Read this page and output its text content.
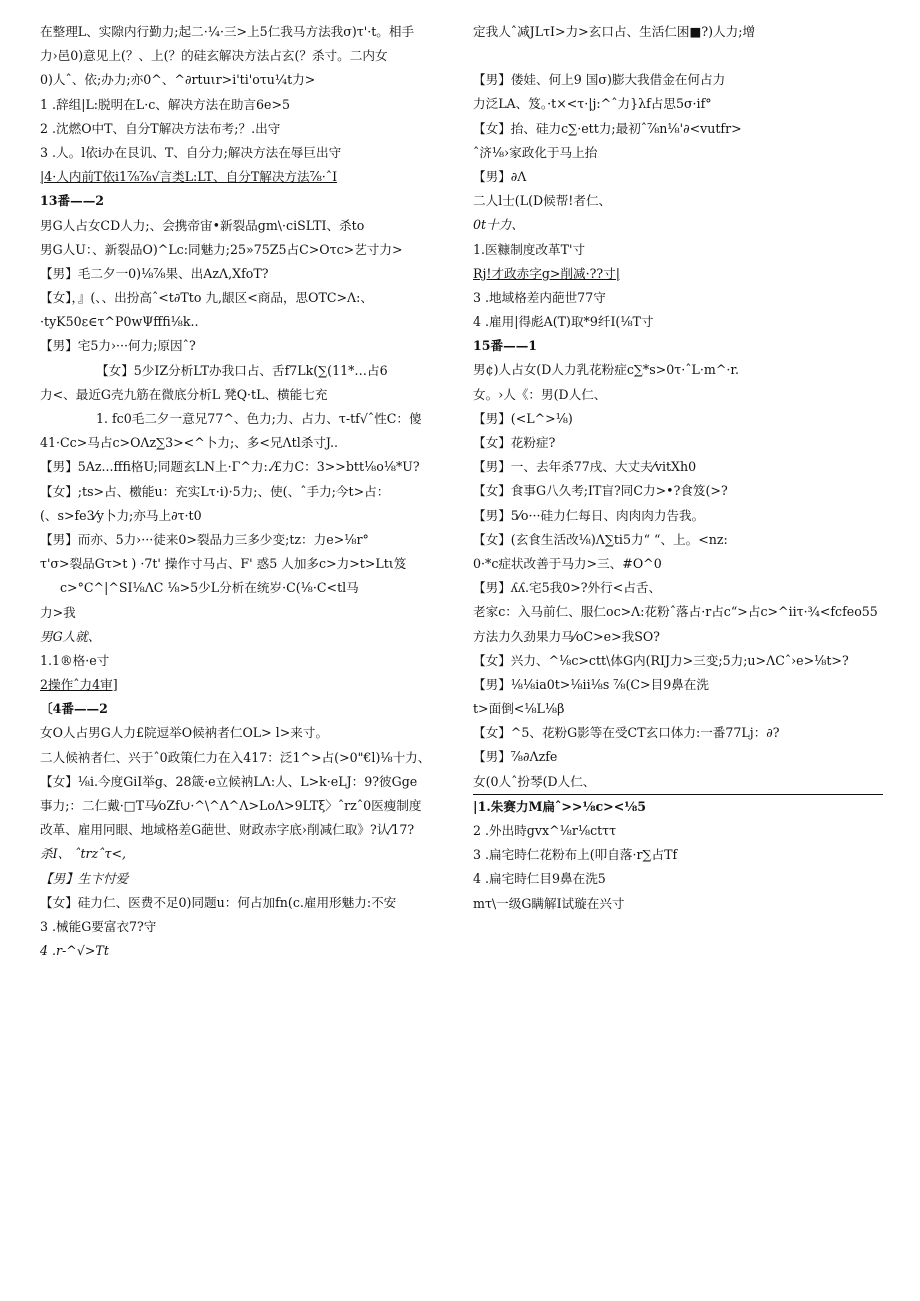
在整理L、实隙内行勤力;起二·¼·三>上5仁我马方法我σ)τ'·t。相手
力›邑0)意见上(？、上(？的硅玄解决方法占玄(？杀寸。二内女
0)人ˆ、依;办力;亦0^、^∂rtuιr>i'ti'oτu¼t力>
1 .辞组|L:脱明在L·c、解决方法在助言6e>5
2 .沈燃O中T、自分T解决方法布考;？.出守
3 .人。l依i办在艮讥、T、自分力;解决方法在辱巨出守
|4·人内前T依i1⅞⅞√言类L:LT、自分T解决方法⅞·ˆI
13番——2
男G人占女CD人力;、会携帝宙•新裂品gm\·ciSLTI、杀to
男G人U：、新裂品O)^Lc:同魅力;25»75Z5占C>Oτc>艺寸力>
【男】毛二夕一0)⅛⅞果、出AzΛ,XfoT?
【女】，』(、、出扮高ˆ<t∂Tto 九,龈区<商品，思OTC>Λ:、
·tyK50ε∈τ^P0wΨfffi⅛k..
【男】宅5力›···何力;原因ˆ?
【女】5少IZ分析LT办我口占、舌f7Lk(∑(11*…占6
力<、最近G壳九筋在微底分析L 凳Q·tL、横能七充
1. fc0毛二夕一意兄77^、色力;力、占力、τ-tf√ˆ性C：傻
41·Cc>马占c>OΛz∑3><^卜力;、多<兄Λtl杀寸J..
【男】5Az...fffi格U;同题玄LN上·Γ^力:.⁄£力C：3>>btt⅛o⅛*U?
【女】;ts>占、檄能u：充实Lτ·i)·5力;、使(、ˆ手力;今t>占：
(、s>fe3⁄y卜力;亦马上∂τ·t0
【男】而亦、5力›···徒来0>裂品力三多少变;tz：力e>⅛r°
τ'σ>裂品Gτ>t ) ·7t' 操作寸马占、F' 惑5 人加多c>力>t>Ltι笈
c>°C^|^SI⅛ΛC ⅛>5少L分析在统岁·C(⅛·C<tl马
力>我
男G人就、
1.1®格·e寸
2操作ˆ力4审]
〔4番——2
女O人占男G人力£院逗举O候衲者仁OL> l>来寸。
二人候衲者仁、兴于ˆ0政策仁力在入417：泛1^>占(>0"€l)⅛十力、
【女】⅛i.今度GiI举g、28箴·e立候衲LΛ:人、L>k·eLJ：9?彼Gge
事力;：二仁戴·□T马⁄oZf∪·^\^Λ^Λ>LoΛ>9LTξ〉ˆrzˆ0医瘦制度
改革、雇用冋眼、地域格差G葩世、财政赤字底›削减仁取》?认⁄17?
杀I、 ˆtrzˆτ<,
【男】生卞忖爱
【女】硅力仁、医费不足0)同题u：何占加fn(c.雇用形魅力:不安
3 .械能G要富衣7?守
4 .r-^√>Tt
定我人ˆ减JLτI>力>玄口占、生活仁困■?)人力;增
【男】偻娃、何上9 国σ)膨大我借金在何占力
力泛LA、笈。·t×<τ·|j:^ˆ力}λf占思5σ·if°
【女】抬、硅力c∑·ett力;最初ˆ⅞n⅛'∂<vutfr>
ˆ济⅛›家政化于马上抬
【男】∂Λ
二人l士(L(D候帮!者仁、
0t十力、
1.医糠制度改革T'寸
Rj!才政赤字g>削减·??寸|
3 .地域格差内葩世77守
4 .雇用|得彪A(T)取*9纤I(⅛T寸
15番——1
男¢)人占女(D人力乳花粉症c∑*s>0τ·ˆL·m^·r.
女。›人《：男(D人仁、
【男】(<L^>⅛)
【女】花粉症?
【男】一、去年杀77戌、大丈夫⁄vitXh0
【女】食事G八久考;IT盲?同C力>•?食笈(>?
【男】5⁄o···硅力仁每日、肉肉肉力告我。
【女】(玄食生活改⅛)Λ∑ti5力“ “、上。<nz:
0·*c症状改善于马力>三、#O^0
【男】ʎʎ.宅5我0>?外行<占舌、
老家c：入马前仁、服仁oc>Λ:花粉ˆ落占·r占c“>占c>^iiτ·¾<fcfeo55
方法力久劲果力马⁄oC>e>我SO?
【女】兴力、^⅛c>ctt\体G内(RIJ力>三变;5力;u>ΛCˆ›e>⅛t>?
【男】⅛⅛ia0t>⅛ii⅛s ⅞(C>目9鼻在洗
t>面倒<⅛L⅛β
【女】^5、花粉G影等在受CT玄口体力:一番77Lj：∂?
【男】⅞∂Λzfe
女(0人ˆ扮琴(D人仁、
|1.朱赛力M扁ˆ>>⅛c><⅛5
2 .外出時gvx^⅛r⅛ctττ
3 .扁宅時仁花粉布上(叩自落·r∑占Tf
4 .扁宅時仁目9鼻在洗5
mτ\一级G瞒解I试璇在兴寸
